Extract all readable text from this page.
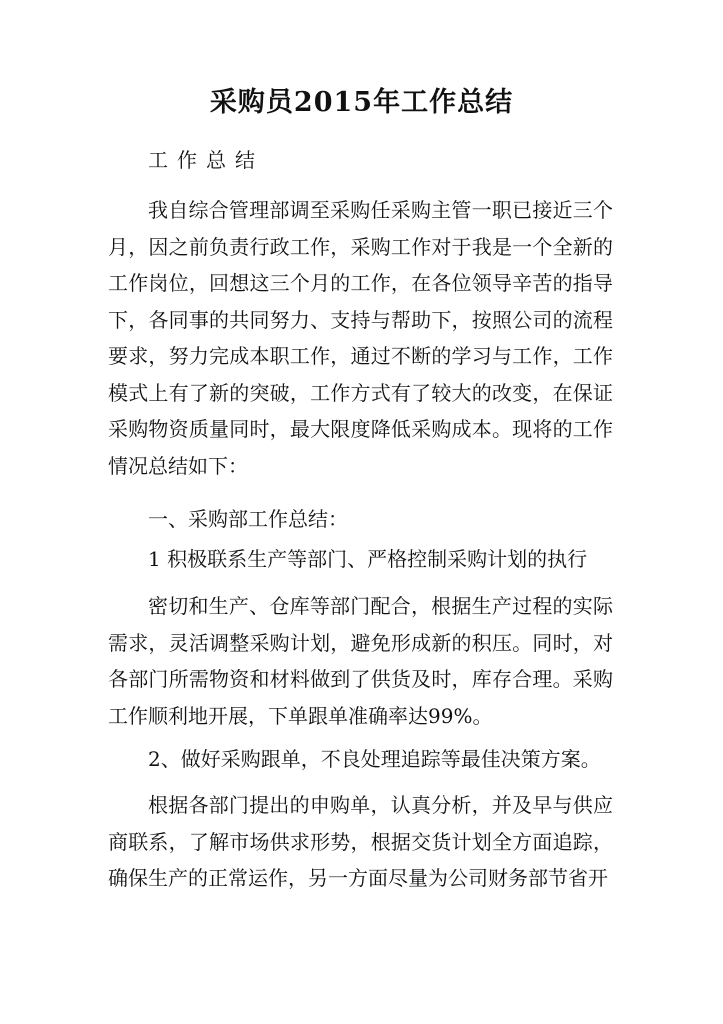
采购员2015年工作总结
工作总结

我自综合管理部调至采购任采购主管一职已接近三个月，因之前负责行政工作，采购工作对于我是一个全新的工作岗位，回想这三个月的工作，在各位领导辛苦的指导下，各同事的共同努力、支持与帮助下，按照公司的流程要求，努力完成本职工作，通过不断的学习与工作，工作模式上有了新的突破，工作方式有了较大的改变，在保证采购物资质量同时，最大限度降低采购成本。现将的工作情况总结如下：

一、采购部工作总结：

1 积极联系生产等部门、严格控制采购计划的执行

密切和生产、仓库等部门配合，根据生产过程的实际需求，灵活调整采购计划，避免形成新的积压。同时，对各部门所需物资和材料做到了供货及时，库存合理。采购工作顺利地开展，下单跟单准确率达99%。

2、做好采购跟单，不良处理追踪等最佳决策方案。

根据各部门提出的申购单，认真分析，并及早与供应商联系，了解市场供求形势，根据交货计划全方面追踪，确保生产的正常运作，另一方面尽量为公司财务部节省开
